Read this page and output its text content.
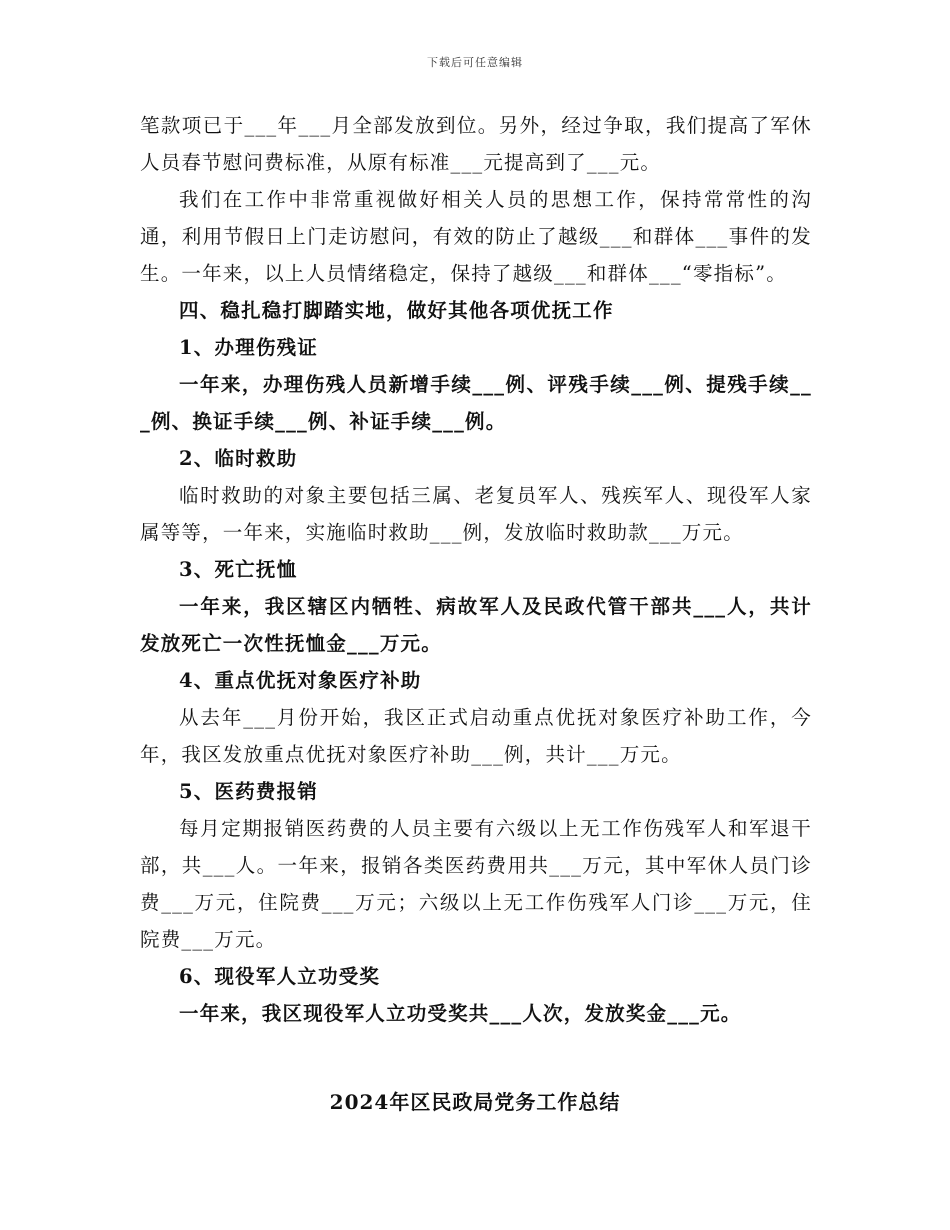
下载后可任意编辑

笔款项已于___年___月全部发放到位。另外，经过争取，我们提高了军休人员春节慰问费标准，从原有标准___元提高到了___元。

我们在工作中非常重视做好相关人员的思想工作，保持常常性的沟通，利用节假日上门走访慰问，有效的防止了越级___和群体___事件的发生。一年来，以上人员情绪稳定，保持了越级___和群体___“零指标”。

四、稳扎稳打脚踏实地，做好其他各项优抚工作

1、办理伤残证

一年来，办理伤残人员新增手续___例、评残手续___例、提残手续___例、换证手续___例、补证手续___例。

2、临时救助

临时救助的对象主要包括三属、老复员军人、残疾军人、现役军人家属等等，一年来，实施临时救助___例，发放临时救助款___万元。

3、死亡抚恤

一年来，我区辖区内牺牲、病故军人及民政代管干部共___人，共计发放死亡一次性抚恤金___万元。

4、重点优抚对象医疗补助

从去年___月份开始，我区正式启动重点优抚对象医疗补助工作，今年，我区发放重点优抚对象医疗补助___例，共计___万元。

5、医药费报销

每月定期报销医药费的人员主要有六级以上无工作伤残军人和军退干部，共___人。一年来，报销各类医药费用共___万元，其中军休人员门诊费___万元，住院费___万元；六级以上无工作伤残军人门诊___万元，住院费___万元。

6、现役军人立功受奖

一年来，我区现役军人立功受奖共___人次，发放奖金___元。

2024年区民政局党务工作总结
